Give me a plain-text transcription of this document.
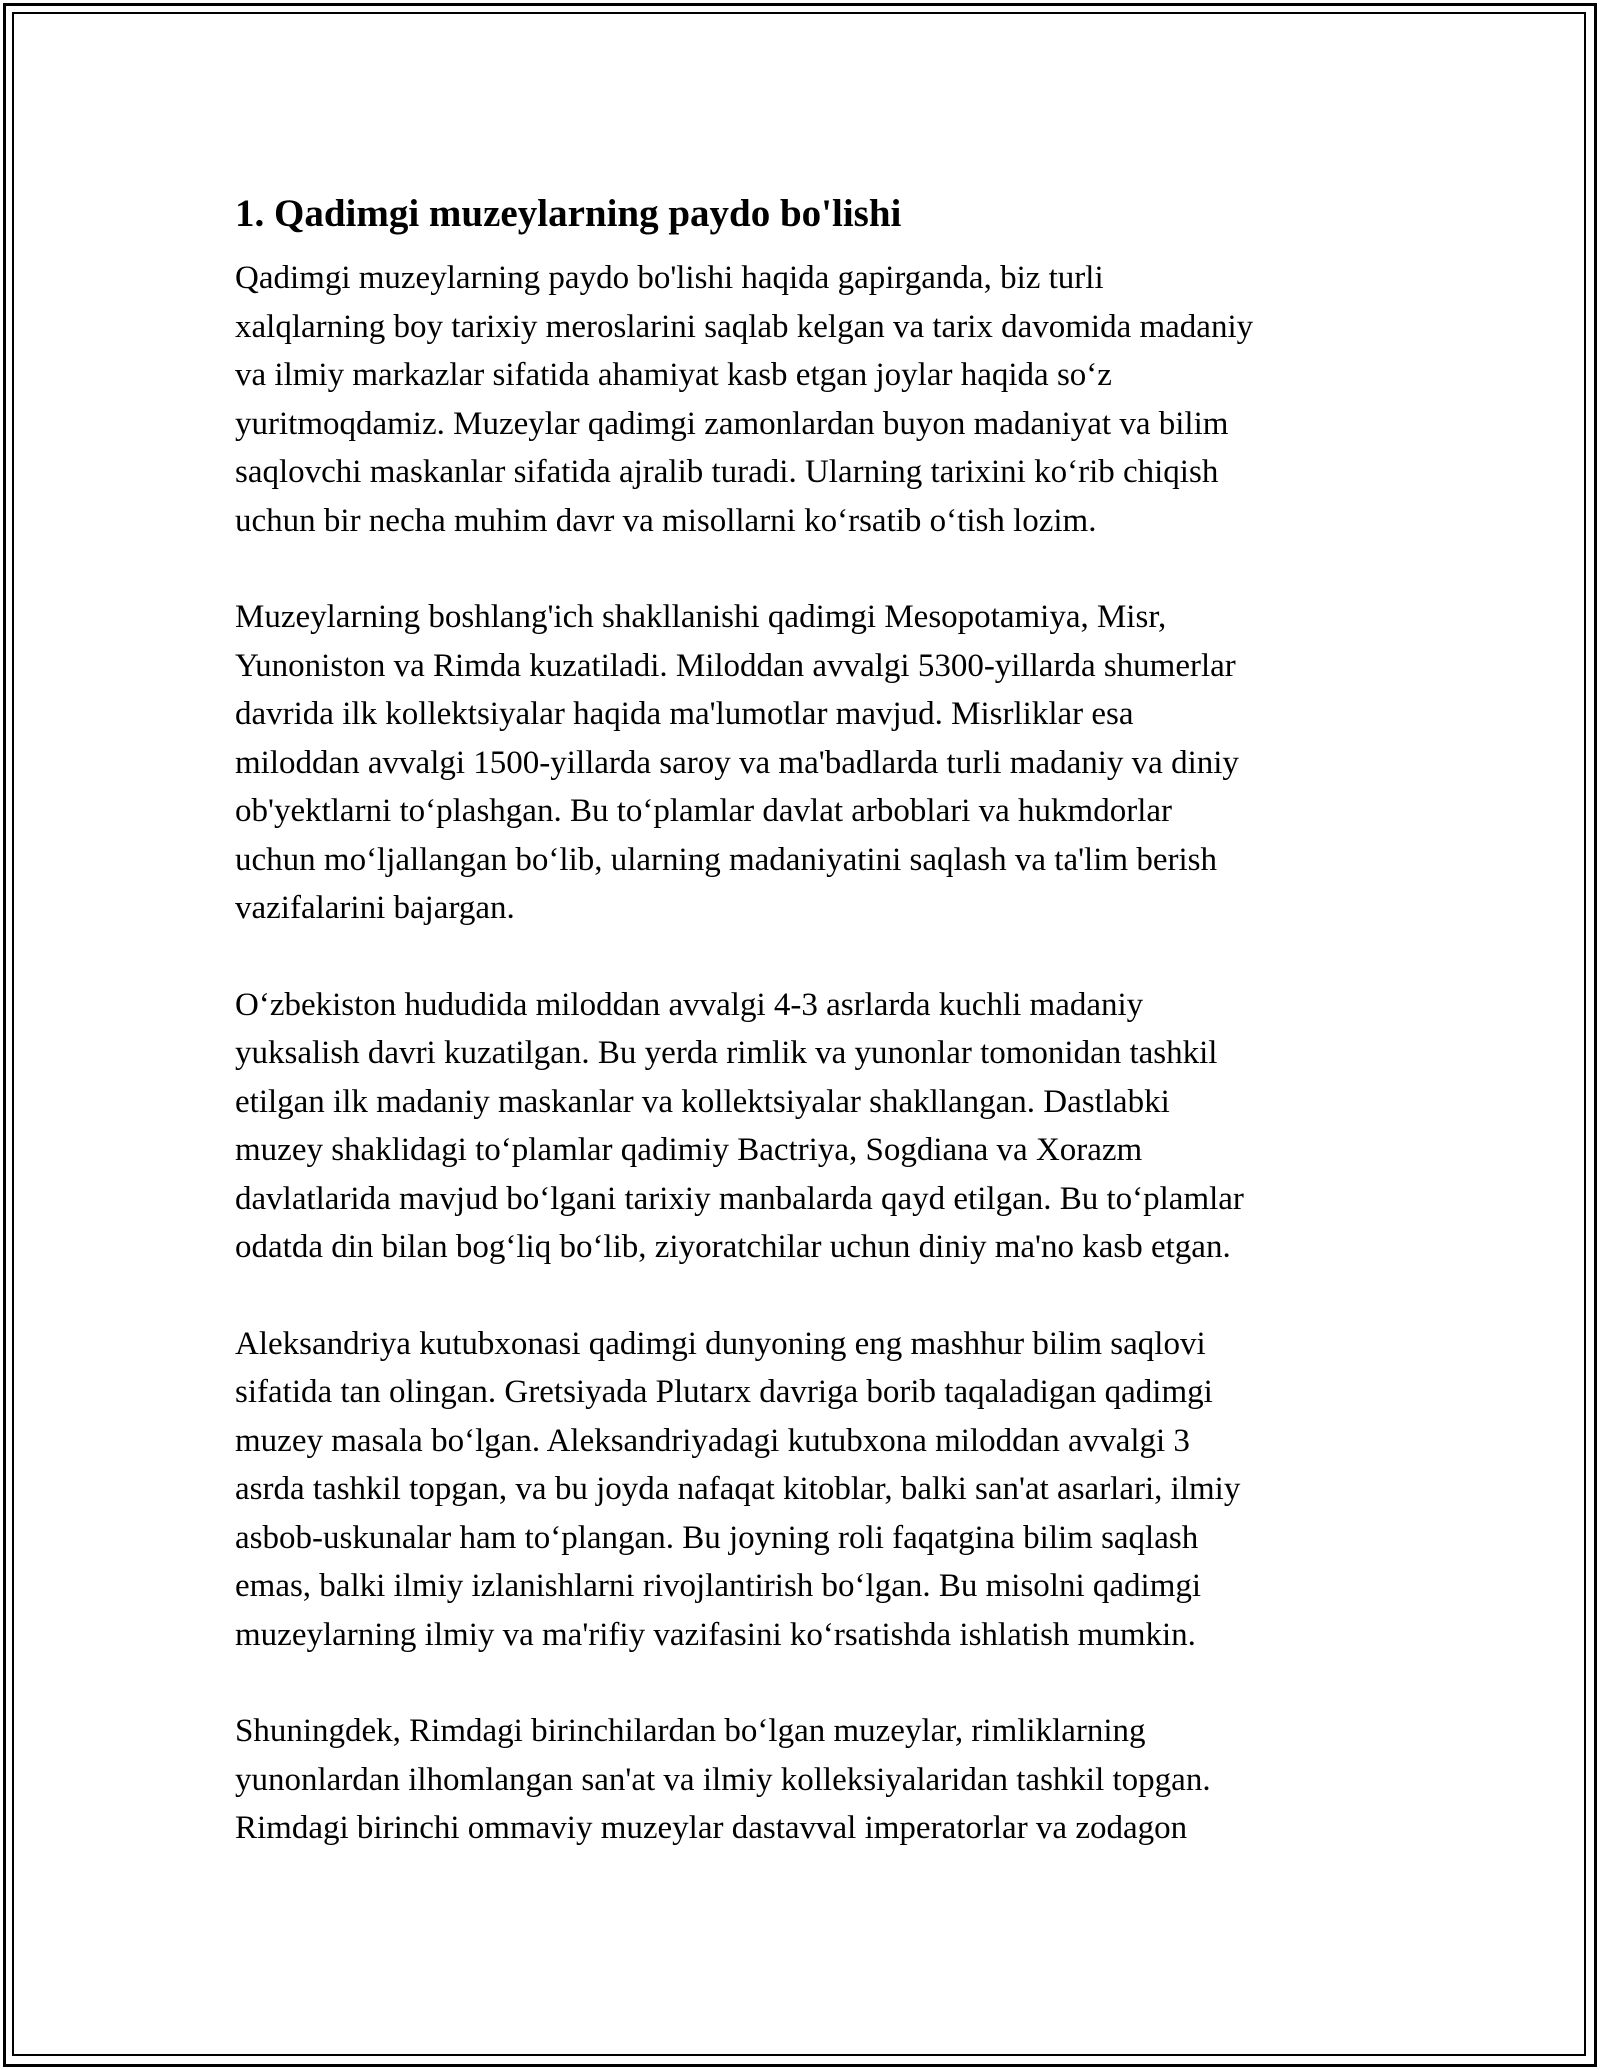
1. Qadimgi muzeylarning paydo bo'lishi

Qadimgi muzeylarning paydo bo'lishi haqida gapirganda, biz turli
xalqlarning boy tarixiy meroslarini saqlab kelgan va tarix davomida madaniy
va ilmiy markazlar sifatida ahamiyat kasb etgan joylar haqida so‘z
yuritmoqdamiz. Muzeylar qadimgi zamonlardan buyon madaniyat va bilim
saqlovchi maskanlar sifatida ajralib turadi. Ularning tarixini ko‘rib chiqish
uchun bir necha muhim davr va misollarni ko‘rsatib o‘tish lozim.

Muzeylarning boshlang'ich shakllanishi qadimgi Mesopotamiya, Misr,
Yunoniston va Rimda kuzatiladi. Miloddan avvalgi 5300-yillarda shumerlar
davrida ilk kollektsiyalar haqida ma'lumotlar mavjud. Misrliklar esa
miloddan avvalgi 1500-yillarda saroy va ma'badlarda turli madaniy va diniy
ob'yektlarni to‘plashgan. Bu to‘plamlar davlat arboblari va hukmdorlar
uchun mo‘ljallangan bo‘lib, ularning madaniyatini saqlash va ta'lim berish
vazifalarini bajargan.

O‘zbekiston hududida miloddan avvalgi 4-3 asrlarda kuchli madaniy
yuksalish davri kuzatilgan. Bu yerda rimlik va yunonlar tomonidan tashkil
etilgan ilk madaniy maskanlar va kollektsiyalar shakllangan. Dastlabki
muzey shaklidagi to‘plamlar qadimiy Bactriya, Sogdiana va Xorazm
davlatlarida mavjud bo‘lgani tarixiy manbalarda qayd etilgan. Bu to‘plamlar
odatda din bilan bog‘liq bo‘lib, ziyoratchilar uchun diniy ma'no kasb etgan.

Aleksandriya kutubxonasi qadimgi dunyoning eng mashhur bilim saqlovi
sifatida tan olingan. Gretsiyada Plutarx davriga borib taqaladigan qadimgi
muzey masala bo‘lgan. Aleksandriyadagi kutubxona miloddan avvalgi 3
asrda tashkil topgan, va bu joyda nafaqat kitoblar, balki san'at asarlari, ilmiy
asbob-uskunalar ham to‘plangan. Bu joyning roli faqatgina bilim saqlash
emas, balki ilmiy izlanishlarni rivojlantirish bo‘lgan. Bu misolni qadimgi
muzeylarning ilmiy va ma'rifiy vazifasini ko‘rsatishda ishlatish mumkin.

Shuningdek, Rimdagi birinchilardan bo‘lgan muzeylar, rimliklarning
yunonlardan ilhomlangan san'at va ilmiy kolleksiyalaridan tashkil topgan.
Rimdagi birinchi ommaviy muzeylar dastavval imperatorlar va zodagon
